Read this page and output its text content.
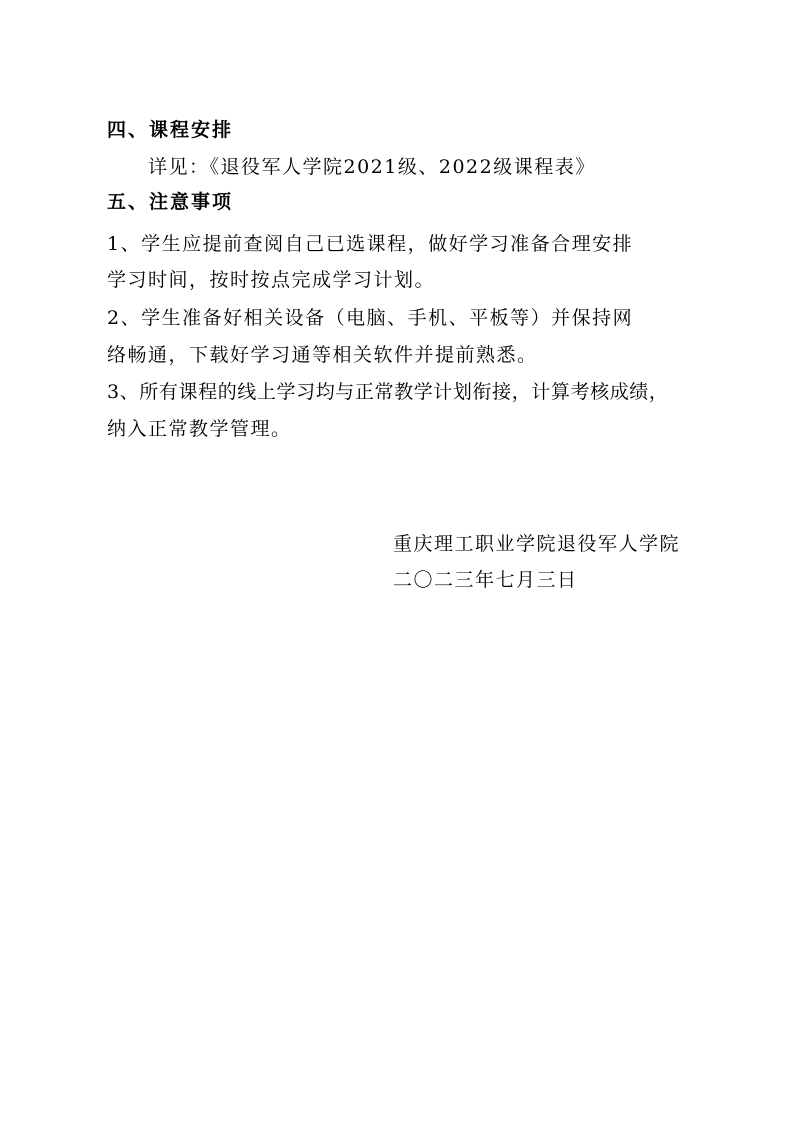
四、课程安排
详见：《退役军人学院2021级、2022级课程表》
五、注意事项
1、学生应提前查阅自己已选课程，做好学习准备合理安排
学习时间，按时按点完成学习计划。
2、学生准备好相关设备（电脑、手机、平板等）并保持网
络畅通，下载好学习通等相关软件并提前熟悉。
3、所有课程的线上学习均与正常教学计划衔接，计算考核成绩，
纳入正常教学管理。
重庆理工职业学院退役军人学院
二〇二三年七月三日
